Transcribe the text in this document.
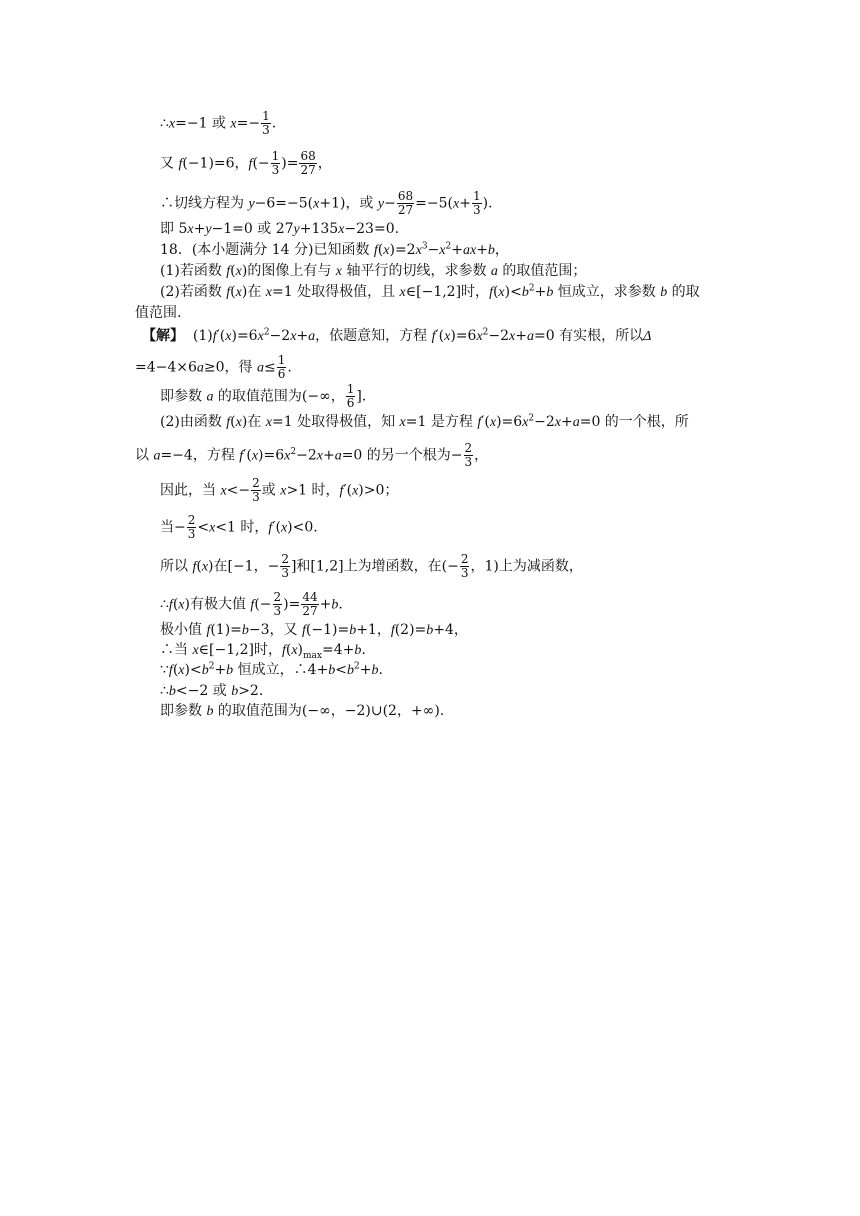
∴x=−1 或 $x=- \frac{1}{3}$ .
又 f(−1)=6，$f(- \frac{1}{3}$ )= $\frac{68}{27}$ ，
∴切线方程为 y−6=−5(x+1)，或 $y- \frac{68}{27} =-5(x+ \frac{1}{3}$ ).
即 5x+y−1=0 或 27y+135x−23=0.
18．(本小题满分 14 分)已知函数 $f(x)=2x^3-x^2+ax+b$，
(1)若函数 f(x)的图像上有与 x 轴平行的切线，求参数 a 的取值范围；
(2)若函数 f(x)在 x=1 处取得极值，且 x∈[−1,2]时，$f(x)<b^2+b$ 恒成立，求参数 b 的取
值范围.
【解】  $(1)f'(x)=6x^2-2x+a$，依题意知，方程 $f'(x)=6x^2-2x+a=0$ 有实根，所以Δ
=4−4×6a≥0，得 $a\le \frac{1}{6}$ .
即参数 a 的取值范围为(−∞， $\frac{1}{6}$ ].
(2)由函数 f(x)在 x=1 处取得极值，知 x=1 是方程 $f'(x)=6x^2-2x+a=0$ 的一个根，所
以 a=−4，方程 $f'(x)=6x^2-2x+a=0$ 的另一个根为− $\frac{2}{3}$ ，
因此，当 $x<- \frac{2}{3}$ 或 x>1 时，f′(x)>0；
当− $\frac{2}{3} <x<1$ 时，f′(x)<0.
所以 f(x)在[−1，− $\frac{2}{3}$ ]和[1,2]上为增函数，在(− $\frac{2}{3}$ ，1)上为减函数，
∴f(x)有极大值 $f(- \frac{2}{3}$ )= $\frac{44}{27} +b$.
极小值 f(1)=b−3，又 f(−1)=b+1，f(2)=b+4，
∴当 x∈[−1,2]时，$f(x)_{max}=4+b$.
$\because f(x)<b^2+b$ 恒成立，$\therefore 4+b<b^2+b$.
∴b<−2 或 b>2.
即参数 b 的取值范围为(−∞，−2)∪(2，+∞).
